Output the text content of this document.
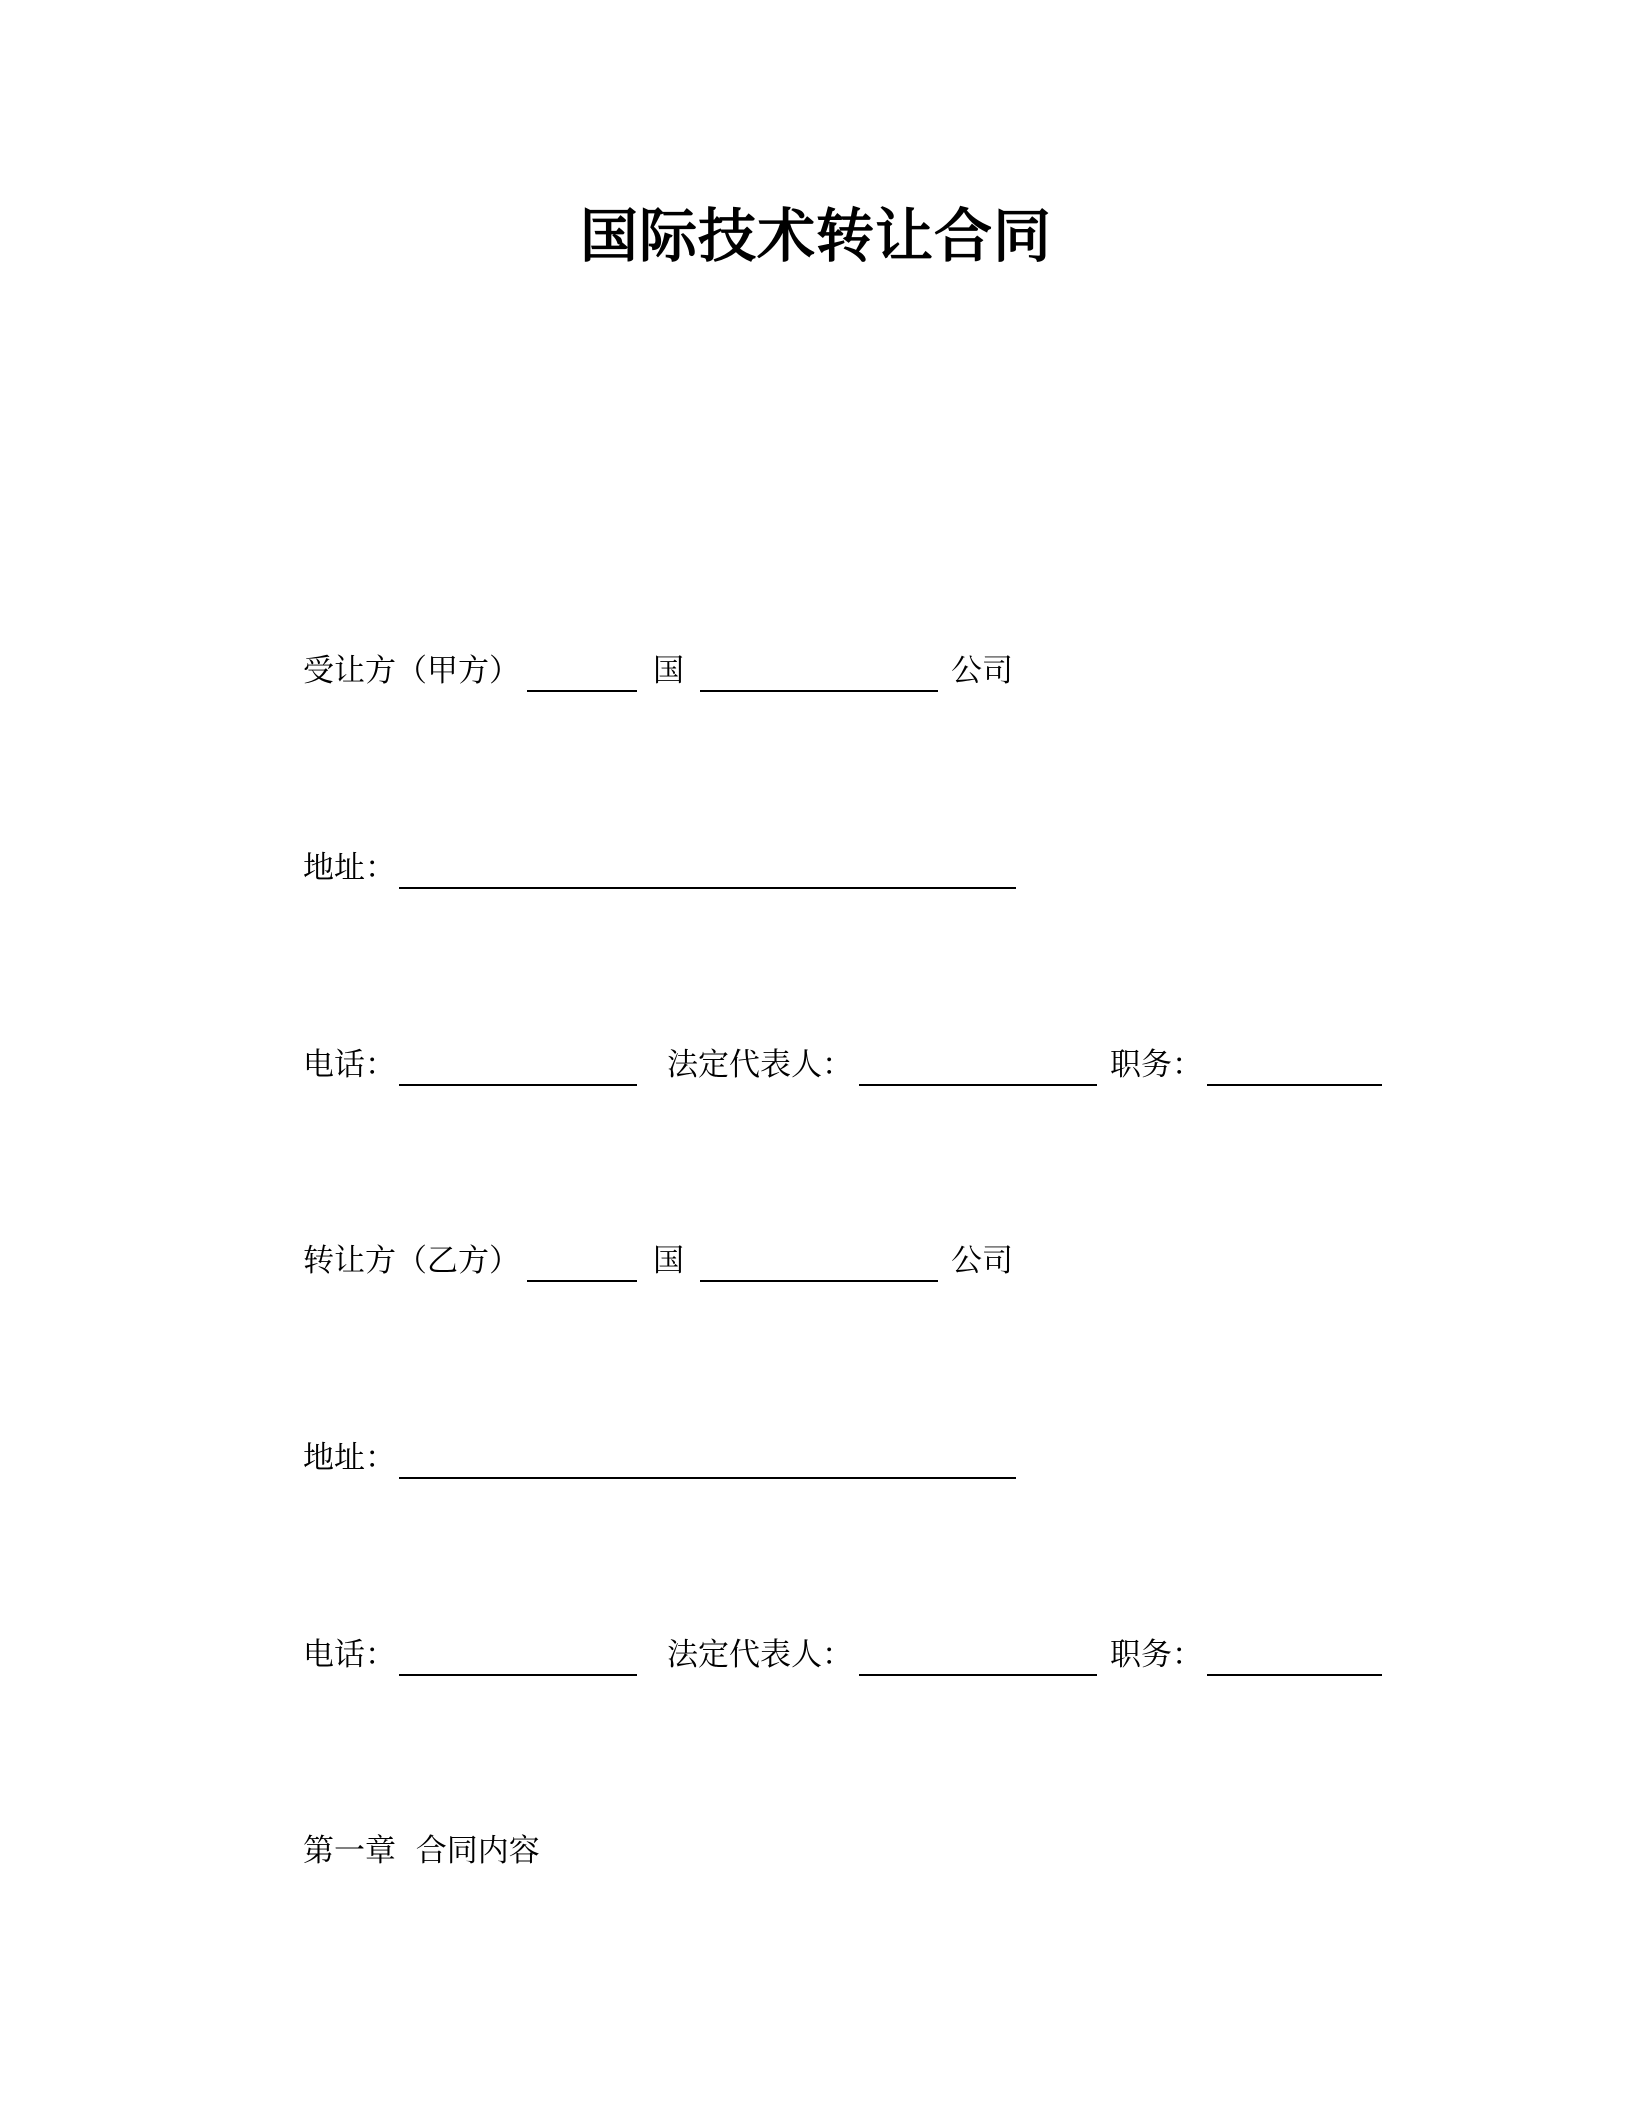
国际技术转让合同
受让方（甲方）	国	公司
地址：
电话：	法定代表人：	职务：
转让方（乙方）	国	公司
地址：
电话：	法定代表人：	职务：
第一章  合同内容
